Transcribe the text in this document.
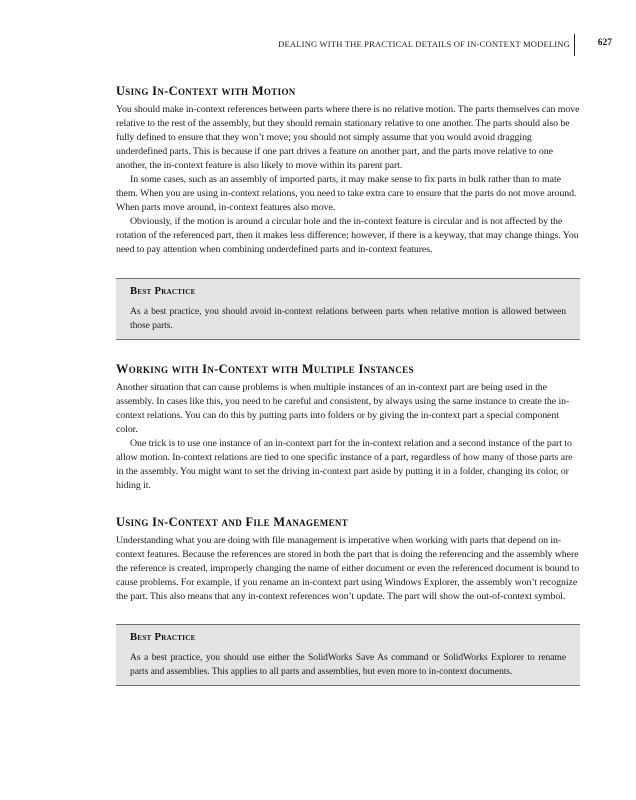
DEALING WITH THE PRACTICAL DETAILS OF IN-CONTEXT MODELING	627
Using In-Context with Motion

You should make in-context references between parts where there is no relative motion. The parts themselves can move relative to the rest of the assembly, but they should remain stationary relative to one another. The parts should also be fully defined to ensure that they won’t move; you should not simply assume that you would avoid dragging underdefined parts. This is because if one part drives a feature on another part, and the parts move relative to one another, the in-context feature is also likely to move within its parent part.

In some cases, such as an assembly of imported parts, it may make sense to fix parts in bulk rather than to mate them. When you are using in-context relations, you need to take extra care to ensure that the parts do not move around. When parts move around, in-context features also move.

Obviously, if the motion is around a circular hole and the in-context feature is circular and is not affected by the rotation of the referenced part, then it makes less difference; however, if there is a keyway, that may change things. You need to pay attention when combining underdefined parts and in-context features.

Best Practice

As a best practice, you should avoid in-context relations between parts when relative motion is allowed between those parts.

Working with In-Context with Multiple Instances

Another situation that can cause problems is when multiple instances of an in-context part are being used in the assembly. In cases like this, you need to be careful and consistent, by always using the same instance to create the in-context relations. You can do this by putting parts into folders or by giving the in-context part a special component color.

One trick is to use one instance of an in-context part for the in-context relation and a second instance of the part to allow motion. In-context relations are tied to one specific instance of a part, regardless of how many of those parts are in the assembly. You might want to set the driving in-context part aside by putting it in a folder, changing its color, or hiding it.

Using In-Context and File Management

Understanding what you are doing with file management is imperative when working with parts that depend on in-context features. Because the references are stored in both the part that is doing the referencing and the assembly where the reference is created, improperly changing the name of either document or even the referenced document is bound to cause problems. For example, if you rename an in-context part using Windows Explorer, the assembly won’t recognize the part. This also means that any in-context references won’t update. The part will show the out-of-context symbol.

Best Practice

As a best practice, you should use either the SolidWorks Save As command or SolidWorks Explorer to rename parts and assemblies. This applies to all parts and assemblies, but even more to in-context documents.
